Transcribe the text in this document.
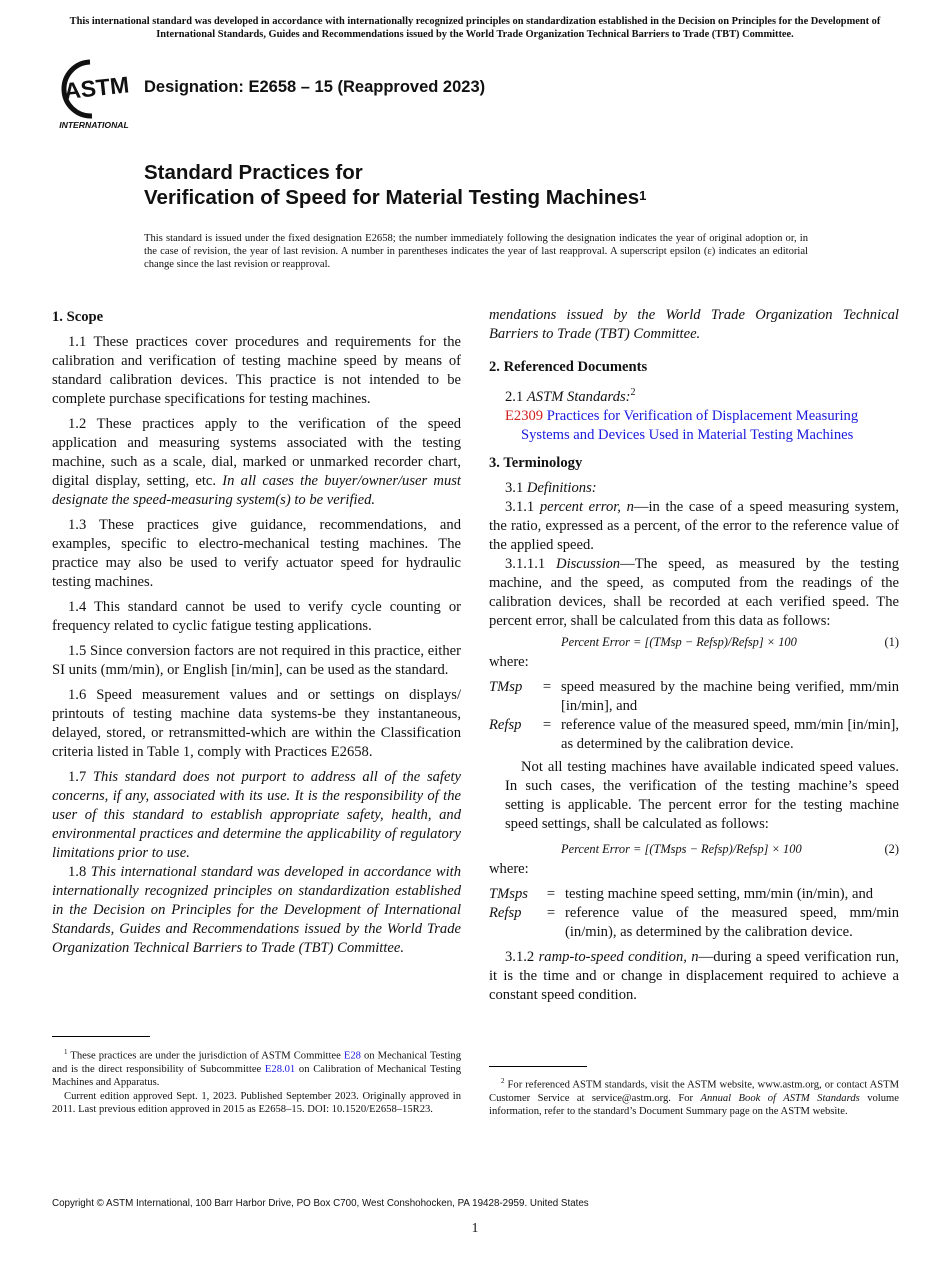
This international standard was developed in accordance with internationally recognized principles on standardization established in the Decision on Principles for the Development of International Standards, Guides and Recommendations issued by the World Trade Organization Technical Barriers to Trade (TBT) Committee.
ASTM
INTERNATIONAL
Designation: E2658 – 15 (Reapproved 2023)
Standard Practices for
Verification of Speed for Material Testing Machines$^1$
This standard is issued under the fixed designation E2658; the number immediately following the designation indicates the year of original adoption or, in the case of revision, the year of last revision. A number in parentheses indicates the year of last reapproval. A superscript epsilon (ε) indicates an editorial change since the last revision or reapproval.

1. Scope

1.1 These practices cover procedures and requirements for the calibration and verification of testing machine speed by means of standard calibration devices. This practice is not intended to be complete purchase specifications for testing machines.

1.2 These practices apply to the verification of the speed application and measuring systems associated with the testing machine, such as a scale, dial, marked or unmarked recorder chart, digital display, setting, etc. In all cases the buyer/owner/user must designate the speed-measuring system(s) to be verified.

1.3 These practices give guidance, recommendations, and examples, specific to electro-mechanical testing machines. The practice may also be used to verify actuator speed for hydraulic testing machines.

1.4 This standard cannot be used to verify cycle counting or frequency related to cyclic fatigue testing applications.

1.5 Since conversion factors are not required in this practice, either SI units (mm/min), or English [in/min], can be used as the standard.

1.6 Speed measurement values and or settings on displays/ printouts of testing machine data systems-be they instantaneous, delayed, stored, or retransmitted-which are within the Classification criteria listed in Table 1, comply with Practices E2658.

1.7 This standard does not purport to address all of the safety concerns, if any, associated with its use. It is the responsibility of the user of this standard to establish appropriate safety, health, and environmental practices and determine the applicability of regulatory limitations prior to use.

1.8 This international standard was developed in accordance with internationally recognized principles on standardization established in the Decision on Principles for the Development of International Standards, Guides and Recommendations issued by the World Trade Organization Technical Barriers to Trade (TBT) Committee.

$^1$ These practices are under the jurisdiction of ASTM Committee E28 on Mechanical Testing and is the direct responsibility of Subcommittee E28.01 on Calibration of Mechanical Testing Machines and Apparatus.

Current edition approved Sept. 1, 2023. Published September 2023. Originally approved in 2011. Last previous edition approved in 2015 as E2658–15. DOI: 10.1520/E2658–15R23.

mendations issued by the World Trade Organization Technical Barriers to Trade (TBT) Committee.

2. Referenced Documents

2.1 ASTM Standards:$^2$

E2309 Practices for Verification of Displacement Measuring Systems and Devices Used in Material Testing Machines

3. Terminology

3.1 Definitions:

3.1.1 percent error, n—in the case of a speed measuring system, the ratio, expressed as a percent, of the error to the reference value of the applied speed.

3.1.1.1 Discussion—The speed, as measured by the testing machine, and the speed, as computed from the readings of the calibration devices, shall be recorded at each verified speed. The percent error, shall be calculated from this data as follows:

Percent Error = [(TMsp − Refsp)/Refsp] × 100	(1)

where:

TMsp	= speed measured by the machine being verified, mm/min [in/min], and
Refsp	= reference value of the measured speed, mm/min [in/min], as determined by the calibration device.

Not all testing machines have available indicated speed values. In such cases, the verification of the testing machine’s speed setting is applicable. The percent error for the testing machine speed settings, shall be calculated as follows:

Percent Error = [(TMsps − Refsp)/Refsp] × 100	(2)

where:

TMsps	= testing machine speed setting, mm/min (in/min), and
Refsp	= reference value of the measured speed, mm/min (in/min), as determined by the calibration device.

3.1.2 ramp-to-speed condition, n—during a speed verification run, it is the time and or change in displacement required to achieve a constant speed condition.

$^2$ For referenced ASTM standards, visit the ASTM website, www.astm.org, or contact ASTM Customer Service at service@astm.org. For Annual Book of ASTM Standards volume information, refer to the standard’s Document Summary page on the ASTM website.

Copyright © ASTM International, 100 Barr Harbor Drive, PO Box C700, West Conshohocken, PA 19428-2959. United States
1
